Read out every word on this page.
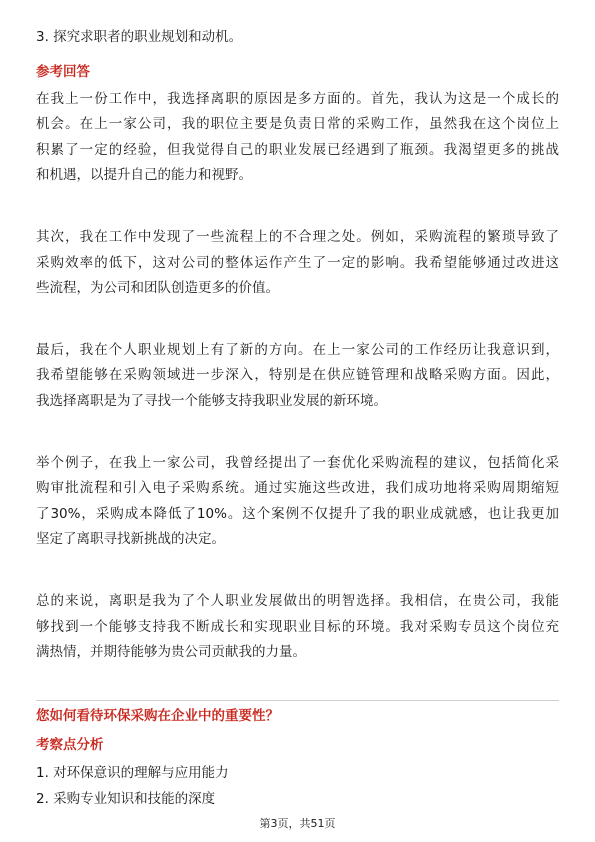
3. 探究求职者的职业规划和动机。
参考回答
在我上一份工作中，我选择离职的原因是多方面的。首先，我认为这是一个成长的
机会。在上一家公司，我的职位主要是负责日常的采购工作，虽然我在这个岗位上
积累了一定的经验，但我觉得自己的职业发展已经遇到了瓶颈。我渴望更多的挑战
和机遇，以提升自己的能力和视野。
其次，我在工作中发现了一些流程上的不合理之处。例如，采购流程的繁琐导致了
采购效率的低下，这对公司的整体运作产生了一定的影响。我希望能够通过改进这
些流程，为公司和团队创造更多的价值。
最后，我在个人职业规划上有了新的方向。在上一家公司的工作经历让我意识到，
我希望能够在采购领域进一步深入，特别是在供应链管理和战略采购方面。因此，
我选择离职是为了寻找一个能够支持我职业发展的新环境。
举个例子，在我上一家公司，我曾经提出了一套优化采购流程的建议，包括简化采
购审批流程和引入电子采购系统。通过实施这些改进，我们成功地将采购周期缩短
了30%，采购成本降低了10%。这个案例不仅提升了我的职业成就感，也让我更加
坚定了离职寻找新挑战的决定。
总的来说，离职是我为了个人职业发展做出的明智选择。我相信，在贵公司，我能
够找到一个能够支持我不断成长和实现职业目标的环境。我对采购专员这个岗位充
满热情，并期待能够为贵公司贡献我的力量。
您如何看待环保采购在企业中的重要性？
考察点分析
1. 对环保意识的理解与应用能力
2. 采购专业知识和技能的深度
第3页，共51页
